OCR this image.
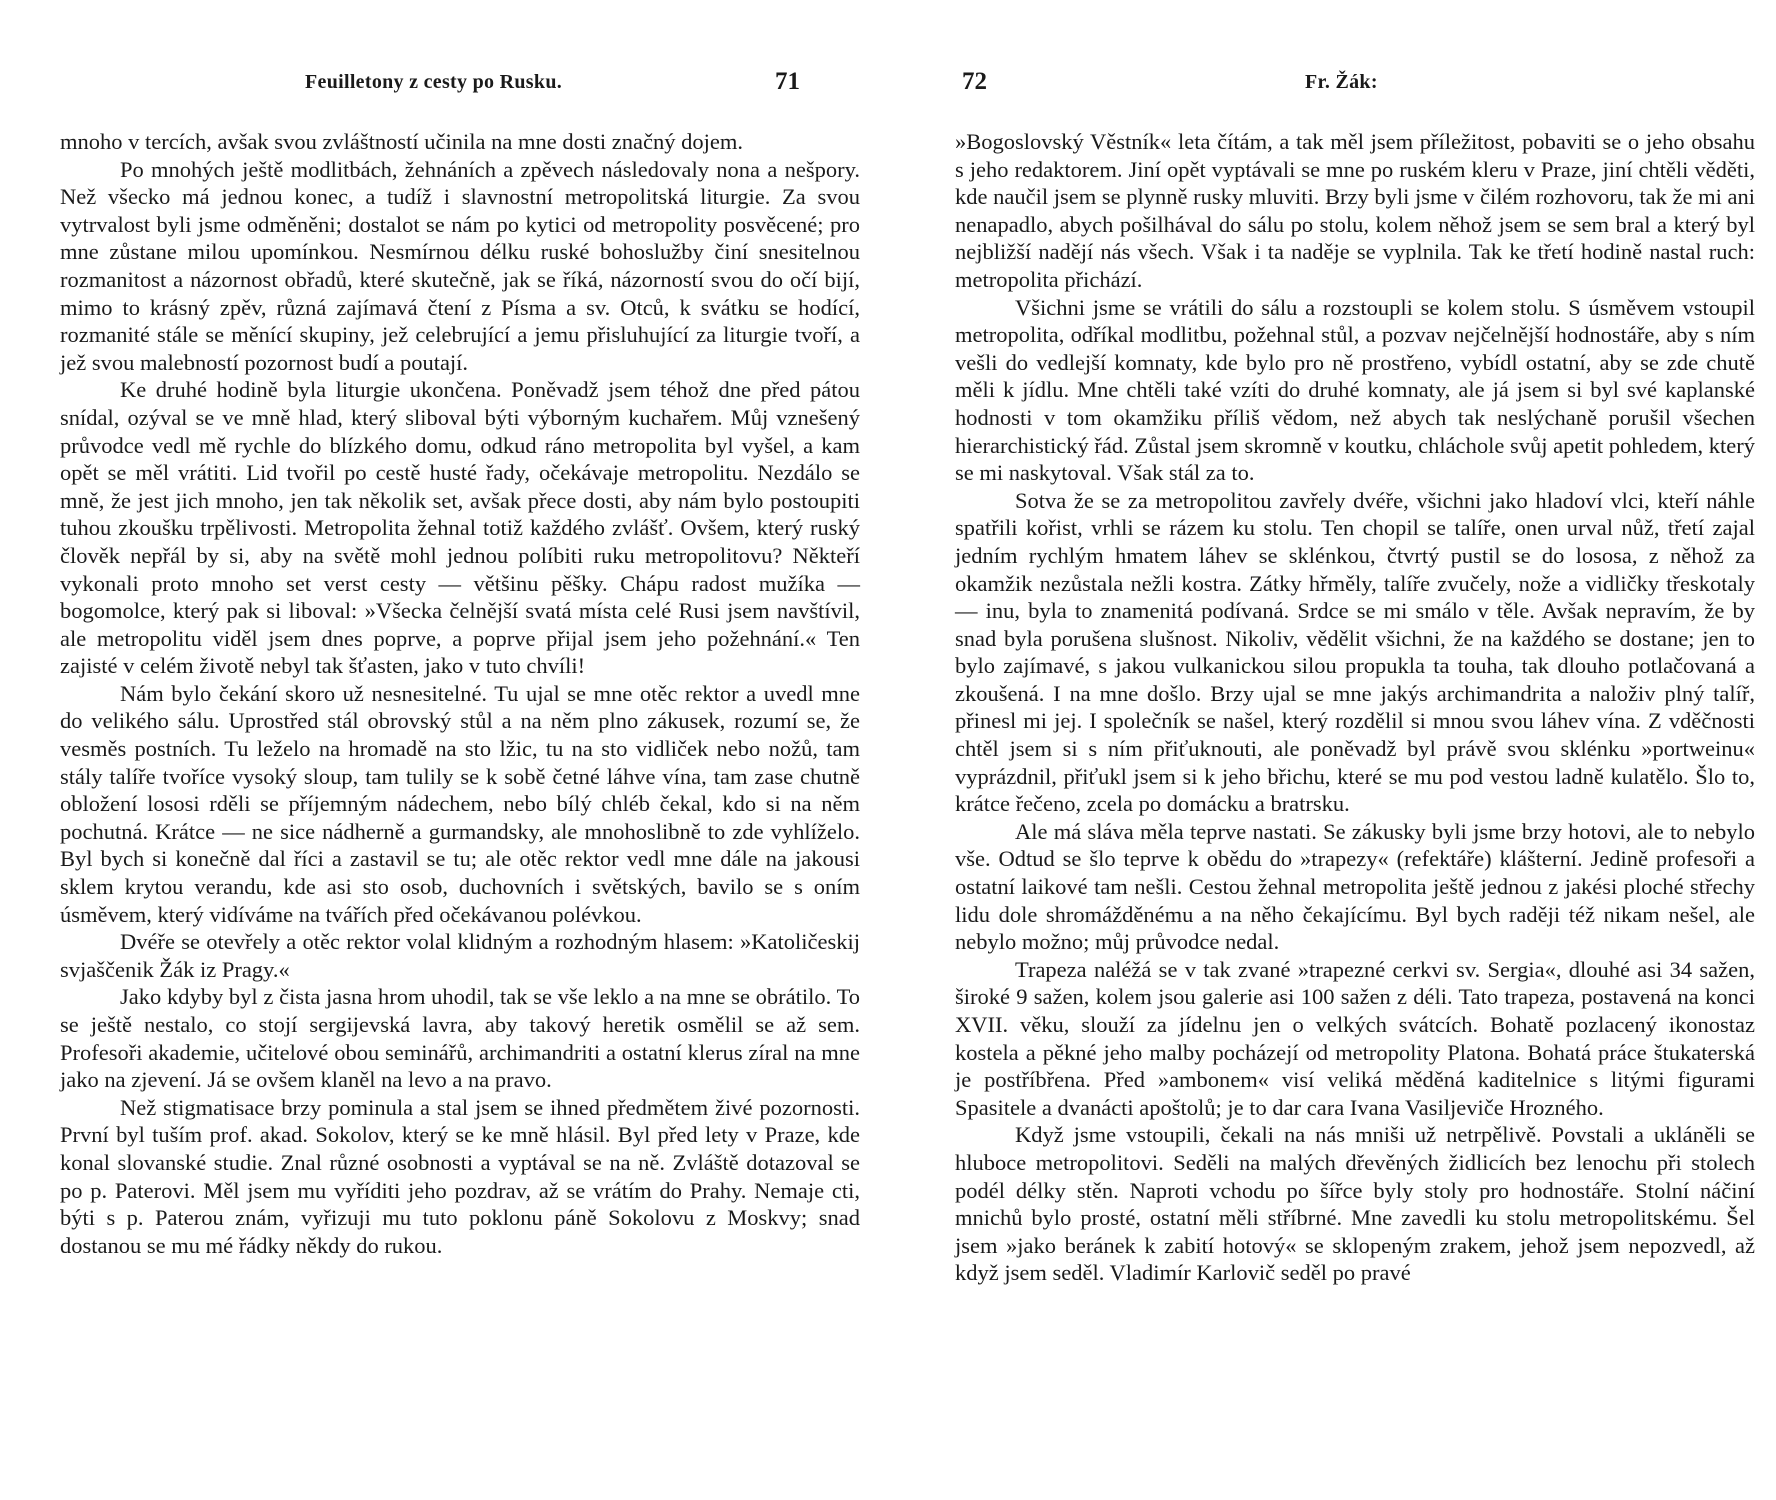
Feuilletony z cesty po Rusku.	71

mnoho v tercích, avšak svou zvláštností učinila na mne dosti značný dojem.

Po mnohých ještě modlitbách, žehnáních a zpěvech následovaly nona a nešpory. Než všecko má jednou konec, a tudíž i slavnostní metropolitská liturgie. Za svou vytrvalost byli jsme odměněni; dostalot se nám po kytici od metropolity posvěcené; pro mne zůstane milou upomínkou. Nesmírnou délku ruské bohoslužby činí snesitelnou rozmanitost a názornost obřadů, které skutečně, jak se říká, názorností svou do očí bijí, mimo to krásný zpěv, různá zajímavá čtení z Písma a sv. Otců, k svátku se hodící, rozmanité stále se měnící skupiny, jež celebrující a jemu přisluhující za liturgie tvoří, a jež svou malebností pozornost budí a poutají.

Ke druhé hodině byla liturgie ukončena. Poněvadž jsem téhož dne před pátou snídal, ozýval se ve mně hlad, který sliboval býti výborným kuchařem. Můj vznešený průvodce vedl mě rychle do blízkého domu, odkud ráno metropolita byl vyšel, a kam opět se měl vrátiti. Lid tvořil po cestě husté řady, očekávaje metropolitu. Nezdálo se mně, že jest jich mnoho, jen tak několik set, avšak přece dosti, aby nám bylo postoupiti tuhou zkoušku trpělivosti. Metropolita žehnal totiž každého zvlášť. Ovšem, který ruský člověk nepřál by si, aby na světě mohl jednou políbiti ruku metropolitovu? Někteří vykonali proto mnoho set verst cesty — většinu pěšky. Chápu radost mužíka — bogomolce, který pak si liboval: »Všecka čelnější svatá místa celé Rusi jsem navštívil, ale metropolitu viděl jsem dnes poprve, a poprve přijal jsem jeho požehnání.« Ten zajisté v celém životě nebyl tak šťasten, jako v tuto chvíli!

Nám bylo čekání skoro už nesnesitelné. Tu ujal se mne otěc rektor a uvedl mne do velikého sálu. Uprostřed stál obrovský stůl a na něm plno zákusek, rozumí se, že vesměs postních. Tu leželo na hromadě na sto lžic, tu na sto vidliček nebo nožů, tam stály talíře tvoříce vysoký sloup, tam tulily se k sobě četné láhve vína, tam zase chutně obložení lososi rděli se příjemným nádechem, nebo bílý chléb čekal, kdo si na něm pochutná. Krátce — ne sice nádherně a gurmandsky, ale mnohoslibně to zde vyhlíželo. Byl bych si konečně dal říci a zastavil se tu; ale otěc rektor vedl mne dále na jakousi sklem krytou verandu, kde asi sto osob, duchovních i světských, bavilo se s oním úsměvem, který vidíváme na tvářích před očekávanou polévkou.

Dvéře se otevřely a otěc rektor volal klidným a rozhodným hlasem: »Katoličeskij svjaščenik Žák iz Pragy.«

Jako kdyby byl z čista jasna hrom uhodil, tak se vše leklo a na mne se obrátilo. To se ještě nestalo, co stojí sergijevská lavra, aby takový heretik osmělil se až sem. Profesoři akademie, učitelové obou seminářů, archimandriti a ostatní klerus zíral na mne jako na zjevení. Já se ovšem klaněl na levo a na pravo.

Než stigmatisace brzy pominula a stal jsem se ihned předmětem živé pozornosti. První byl tuším prof. akad. Sokolov, který se ke mně hlásil. Byl před lety v Praze, kde konal slovanské studie. Znal různé osobnosti a vyptával se na ně. Zvláště dotazoval se po p. Paterovi. Měl jsem mu vyříditi jeho pozdrav, až se vrátím do Prahy. Nemaje cti, býti s p. Paterou znám, vyřizuji mu tuto poklonu páně Sokolovu z Moskvy; snad dostanou se mu mé řádky někdy do rukou.

72	Fr. Žák:

»Bogoslovský Věstník« leta čítám, a tak měl jsem příležitost, pobaviti se o jeho obsahu s jeho redaktorem. Jiní opět vyptávali se mne po ruském kleru v Praze, jiní chtěli věděti, kde naučil jsem se plynně rusky mluviti. Brzy byli jsme v čilém rozhovoru, tak že mi ani nenapadlo, abych pošilhával do sálu po stolu, kolem něhož jsem se sem bral a který byl nejbližší nadějí nás všech. Však i ta naděje se vyplnila. Tak ke třetí hodině nastal ruch: metropolita přichází.

Všichni jsme se vrátili do sálu a rozstoupli se kolem stolu. S úsměvem vstoupil metropolita, odříkal modlitbu, požehnal stůl, a pozvav nejčelnější hodnostáře, aby s ním vešli do vedlejší komnaty, kde bylo pro ně prostřeno, vybídl ostatní, aby se zde chutě měli k jídlu. Mne chtěli také vzíti do druhé komnaty, ale já jsem si byl své kaplanské hodnosti v tom okamžiku příliš vědom, než abych tak neslýchaně porušil všechen hierarchistický řád. Zůstal jsem skromně v koutku, chláchole svůj apetit pohledem, který se mi naskytoval. Však stál za to.

Sotva že se za metropolitou zavřely dvéře, všichni jako hladoví vlci, kteří náhle spatřili kořist, vrhli se rázem ku stolu. Ten chopil se talíře, onen urval nůž, třetí zajal jedním rychlým hmatem láhev se sklénkou, čtvrtý pustil se do lososa, z něhož za okamžik nezůstala nežli kostra. Zátky hřměly, talíře zvučely, nože a vidličky třeskotaly — inu, byla to znamenitá podívaná. Srdce se mi smálo v těle. Avšak nepravím, že by snad byla porušena slušnost. Nikoliv, vědělit všichni, že na každého se dostane; jen to bylo zajímavé, s jakou vulkanickou silou propukla ta touha, tak dlouho potlačovaná a zkoušená. I na mne došlo. Brzy ujal se mne jakýs archimandrita a naloživ plný talíř, přinesl mi jej. I společník se našel, který rozdělil si mnou svou láhev vína. Z vděčnosti chtěl jsem si s ním přiťuknouti, ale poněvadž byl právě svou sklénku »portweinu« vyprázdnil, přiťukl jsem si k jeho břichu, které se mu pod vestou ladně kulatělo. Šlo to, krátce řečeno, zcela po domácku a bratrsku.

Ale má sláva měla teprve nastati. Se zákusky byli jsme brzy hotovi, ale to nebylo vše. Odtud se šlo teprve k obědu do »trapezy« (refektáře) klášterní. Jedině profesoři a ostatní laikové tam nešli. Cestou žehnal metropolita ještě jednou z jakési ploché střechy lidu dole shromážděnému a na něho čekajícímu. Byl bych raději též nikam nešel, ale nebylo možno; můj průvodce nedal.

Trapeza naléžá se v tak zvané »trapezné cerkvi sv. Sergia«, dlouhé asi 34 sažen, široké 9 sažen, kolem jsou galerie asi 100 sažen z déli. Tato trapeza, postavená na konci XVII. věku, slouží za jídelnu jen o velkých svátcích. Bohatě pozlacený ikonostaz kostela a pěkné jeho malby pocházejí od metropolity Platona. Bohatá práce štukaterská je postříbřena. Před »ambonem« visí veliká měděná kaditelnice s litými figurami Spasitele a dvanácti apoštolů; je to dar cara Ivana Vasiljeviče Hrozného.

Když jsme vstoupili, čekali na nás mniši už netrpělivě. Povstali a ukláněli se hluboce metropolitovi. Seděli na malých dřevěných židlicích bez lenochu při stolech podél délky stěn. Naproti vchodu po šířce byly stoly pro hodnostáře. Stolní náčiní mnichů bylo prosté, ostatní měli stříbrné. Mne zavedli ku stolu metropolitskému. Šel jsem »jako beránek k zabití hotový« se sklopeným zrakem, jehož jsem nepozvedl, až když jsem seděl. Vladimír Karlovič seděl po pravé
